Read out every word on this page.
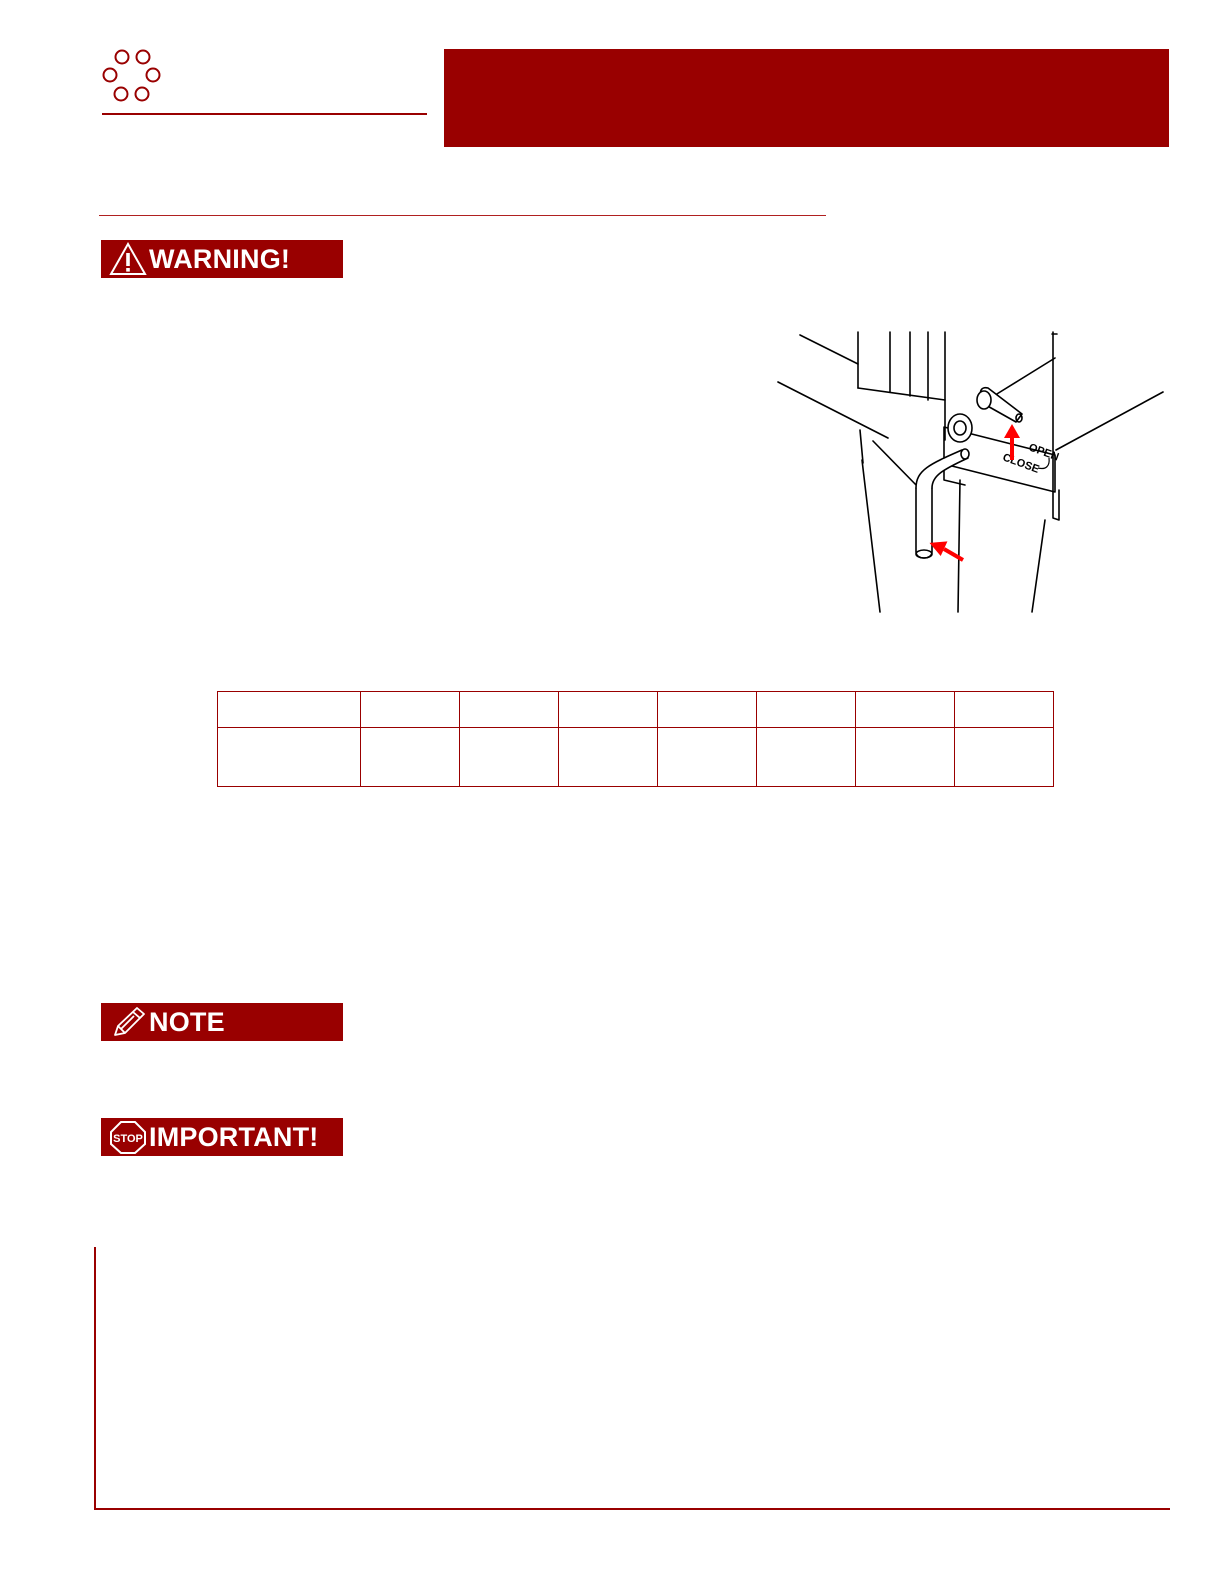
WARNING!
OPEN
CLOSE

NOTE
STOP IMPORTANT!
